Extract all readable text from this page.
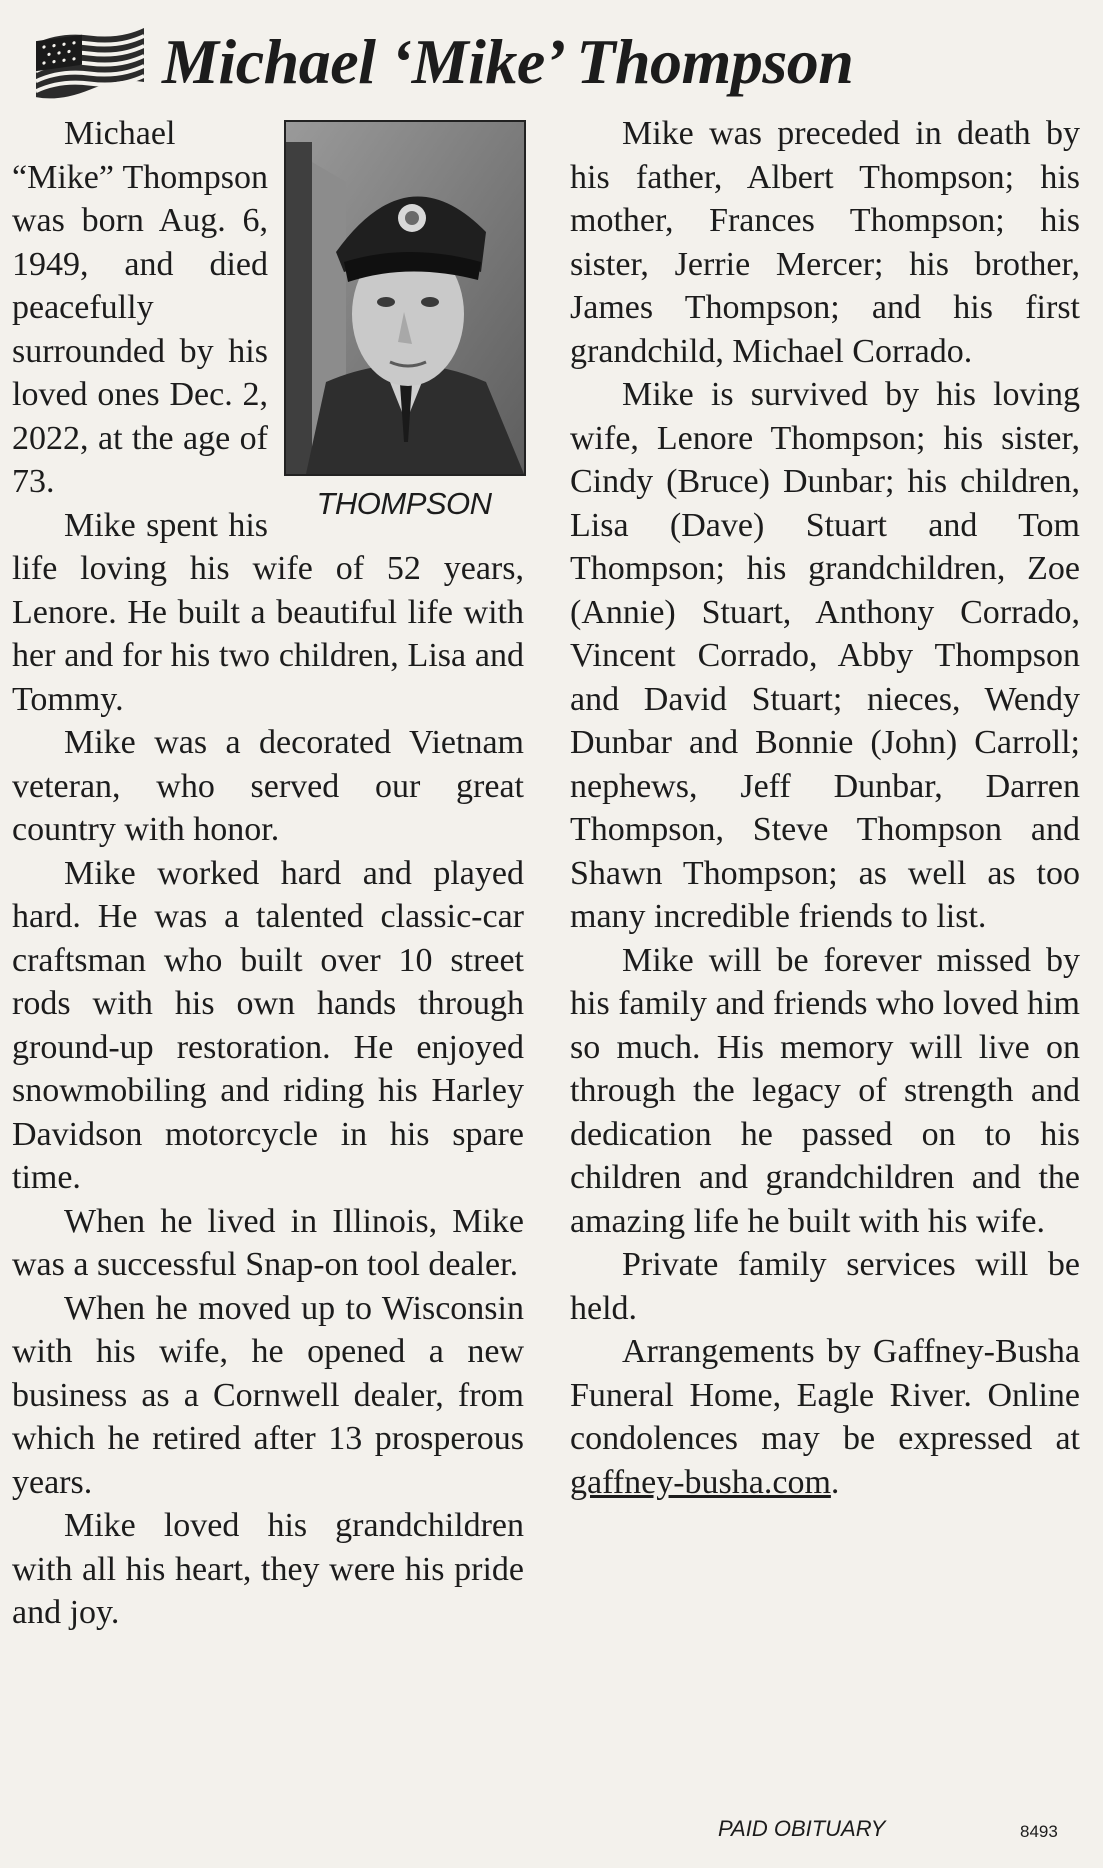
Michael ‘Mike’ Thompson
THOMPSON

Michael “Mike” Thompson was born Aug. 6, 1949, and died peacefully surrounded by his loved ones Dec. 2, 2022, at the age of 73.

Mike spent his life loving his wife of 52 years, Lenore. He built a beautiful life with her and for his two children, Lisa and Tommy.

Mike was a decorated Vietnam veteran, who served our great country with honor.

Mike worked hard and played hard. He was a talented classic-car craftsman who built over 10 street rods with his own hands through ground-up restoration. He enjoyed snowmobiling and riding his Harley Davidson motorcycle in his spare time.

When he lived in Illinois, Mike was a successful Snap-on tool dealer.

When he moved up to Wisconsin with his wife, he opened a new business as a Cornwell dealer, from which he retired after 13 prosperous years.

Mike loved his grandchildren with all his heart, they were his pride and joy.

Mike was preceded in death by his father, Albert Thompson; his mother, Frances Thompson; his sister, Jerrie Mercer; his brother, James Thompson; and his first grandchild, Michael Corrado.

Mike is survived by his loving wife, Lenore Thompson; his sister, Cindy (Bruce) Dunbar; his children, Lisa (Dave) Stuart and Tom Thompson; his grandchildren, Zoe (Annie) Stuart, Anthony Corrado, Vincent Corrado, Abby Thompson and David Stuart; nieces, Wendy Dunbar and Bonnie (John) Carroll; nephews, Jeff Dunbar, Darren Thompson, Steve Thompson and Shawn Thompson; as well as too many incredible friends to list.

Mike will be forever missed by his family and friends who loved him so much. His memory will live on through the legacy of strength and dedication he passed on to his children and grandchildren and the amazing life he built with his wife.

Private family services will be held.

Arrangements by Gaffney-Busha Funeral Home, Eagle River. Online condolences may be expressed at gaffney-busha.com.

PAID OBITUARY	8493
